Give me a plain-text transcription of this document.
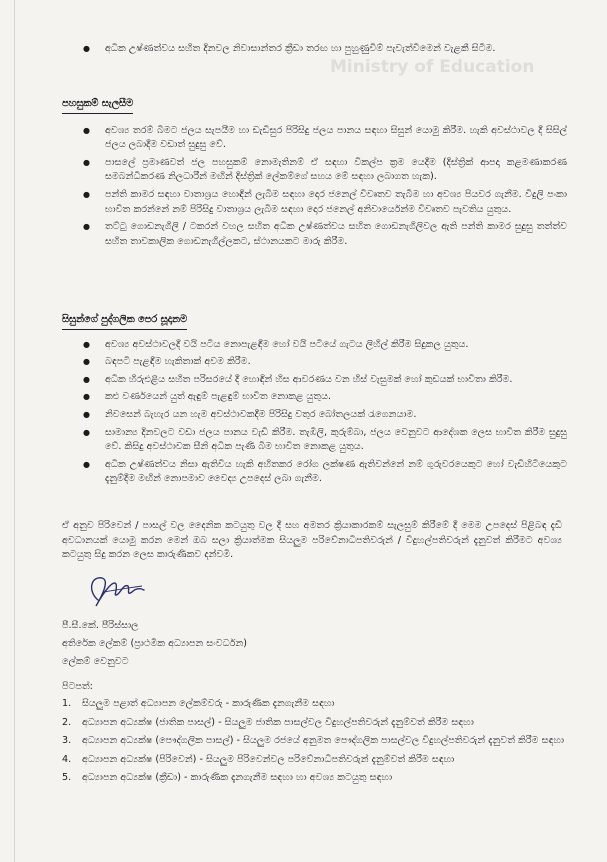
Ministry of Education
● අධික උෂ්ණත්වය සහිත දිනවල නිවාසාන්තර ක්‍රීඩා තරඟ හා පුහුණුවීම් පැවැත්වීමෙන් වැළකී සිටීම.
පහසුකම් සැලසීම
● අවශ්‍ය තරම් බීමට ජලය සැපයීම හා ඩැඩිසුර පිරිසිදු ජලය පානය සඳහා සිසුන් යොමු කිරීම. හැකි අවස්ථාවල දී සිසිල් ජලය ලබාදීම වඩාත් සුදුසු වේ.
● පාසලේ ප්‍රමාණවත් ජල පහසුකම් නොමැතිනම් ඒ සඳහා විකල්ප ක්‍රම යෙදීම (දිස්ත්‍රික් ආපදා කළමණාකරණ සමබන්ධීකරණ නිලධාරීන් මඟින් දිස්ත්‍රික් ලේකම්ගේ සහය මේ සඳහා ලබාගත හැක).
● පන්ති කාමර සඳහා වාතාශ්‍රය හොඳින් ලැබීම සඳහා දොර ජනෙල් විවෘතව තැබීම හා අවශ්‍ය පියවර ගැනීම. විදුලි පංකා භාවිත කරන්නේ නම් පිරිසිදු වාතාශ්‍රය ලැබීම සඳහා දොර ජනෙල් අනිවාර්යෙන්ම විවෘතව පැවතිය යුතුය.
● තට්ටු ගොඩනැගිලි / ටකරන් වහල සහිත අධික උෂ්ණත්වය සහිත ගොඩනැගිලිවල ඇති පන්ති කාමර සුදුසු තත්ත්ව සහිත තාවකාලික ගොඩනැගිල්ලකට, ස්ථානයකට මාරු කිරීම.
සිසුන්ගේ පුද්ගලික පෙර සූදානම
● අවශ්‍ය අවස්ථාවලදී වයි පටිය නොපැළඳීම හෝ වයි පටියේ ගැටය ලිහිල් කිරීම සිදුකල යුතුය.
● බඳපටි පැළඳීම හැකිතාක් අවම කිරීම.
● අධික හිරුඑළිය සහිත පරිසරයේ දී හොඳින් හිස ආවරණය වන හිස් වැසුමක් හෝ කුඩයක් භාවිතා කිරීම.
● කළු වර්ණයෙන් යුත් ඇඳුම් පැළඳුම් භාවිත නොකළ යුතුය.
● නිවසෙන් බැහැර යන හැම අවස්ථාවකදීම පිරිසිදු වතුර බෝතලයක් රැගෙනයාම.
● සාමාන්‍ය දිනවලට වඩා ජලය පානය වැඩි කිරීම. තැඹිලි, කුරුම්බා, ජලය වෙනුවට ආදේශක ලෙස භාවිත කිරීම සුදුසු වේ. කිසිදු අවස්ථාවක සීනි අධික පැණි බීම භාවිත නොකළ යුතුය.
● අධික උෂ්ණත්වය නිසා ඇතිවිය හැකි අහිතකර රෝග ලක්ෂණ ඇතිවන්නේ නම් ගුරුවරයෙකුට හෝ වැඩිහිටියෙකුට දැනුම්දීම මඟින් නොපමාව වෛද්‍ය උපදෙස් ලබා ගැනීම.
ඒ අනුව පිරිවෙන් / පාසල් වල දෛනික කටයුතු වල දී සහ අමතර ක්‍රියාකාරකම් සැලසුම් කිරීමේ දී මෙම උපදෙස් පිළිබඳ දැඩි අවධානයක් යොමු කරන මෙන් ඔබ සලා ක්‍රියාත්මක සියලුම පරිවේනාධිපතිවරුන් / විදුහල්පතිවරුන් දැනුවත් කිරීමට අවශ්‍ය කටයුතු සිදු කරන ලෙස කාරුණිකව දන්වමි.
පී.සී.කේ. පීරිස්සාල
අතිරේක ලේකම් (ප්‍රාථමික අධ්‍යාපන සංවර්ධන)
ලේකම් වෙනුවට
පිටපත්:
1. සියලුම පළාත් අධ්‍යාපන ලේකම්වරු - කාරුණික දැනගැනීම සඳහා
2. අධ්‍යාපන අධ්‍යක්ෂ (ජාතික පාසල්) - සියලුම ජාතික පාසල්වල විදුහල්පතිවරුන් දැනුම්වත් කිරීම සඳහා
3. අධ්‍යාපන අධ්‍යක්ෂ (පෞද්ගලික පාසල්) - සියලුම රජයේ අනුමත පෞද්ගලික පාසල්වල විදුහල්පතිවරුන් දැනුවත් කිරීම සඳහා
4. අධ්‍යාපන අධ්‍යක්ෂ (පිරිවෙන්) - සියලුම පිරිවෙන්වල පරිවේනාධිපතිවරුන් දැනුම්වත් කිරීම සඳහා
5. අධ්‍යාපන අධ්‍යක්ෂ (ක්‍රීඩා) - කාරුණික දැනගැනීම සඳහා හා අවශ්‍ය කටයුතු සඳහා
